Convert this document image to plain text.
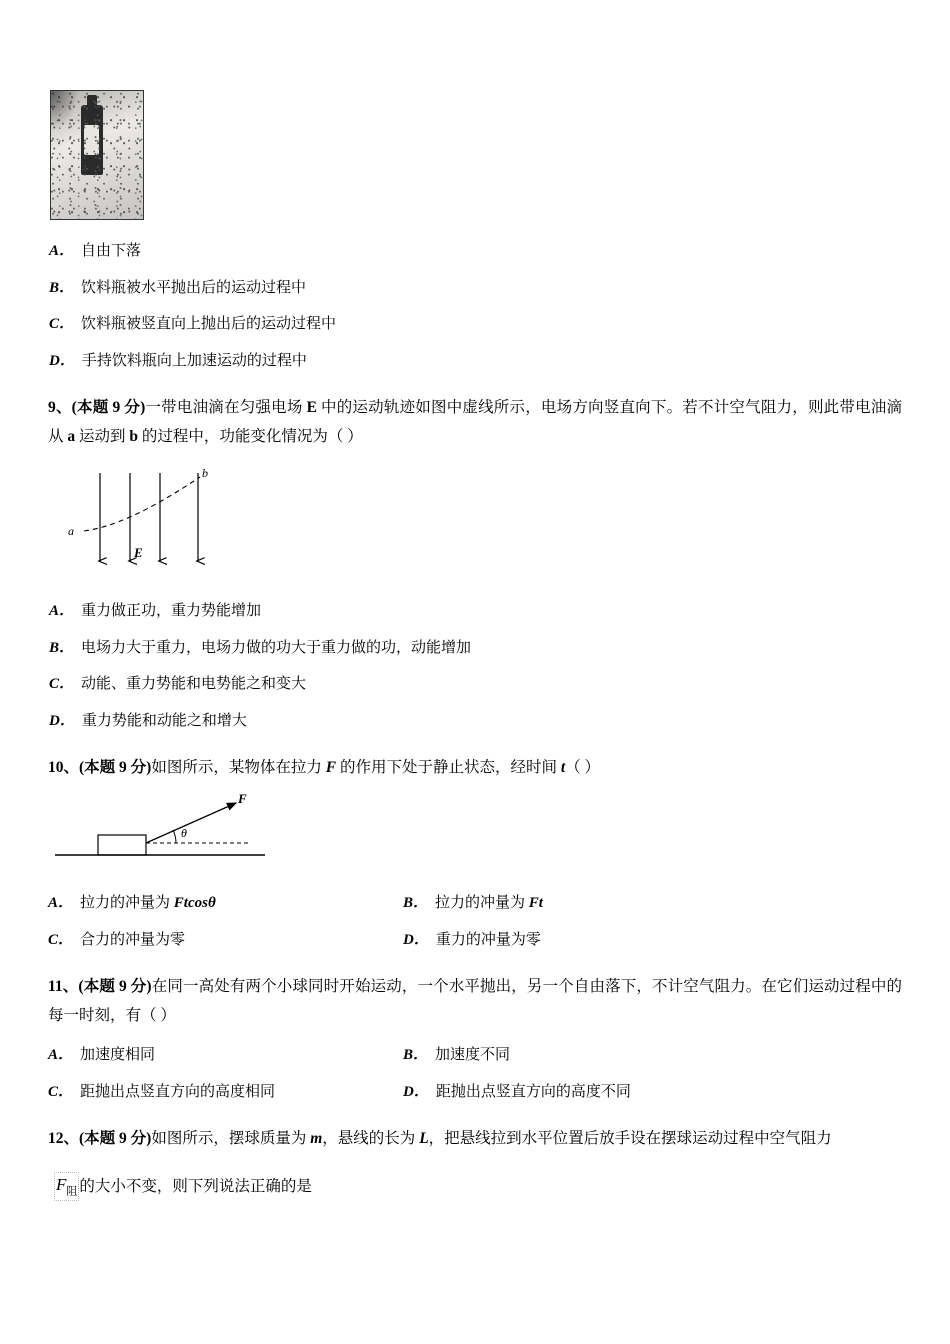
A． 自由下落
B． 饮料瓶被水平抛出后的运动过程中
C． 饮料瓶被竖直向上抛出后的运动过程中
D． 手持饮料瓶向上加速运动的过程中
9、(本题 9 分)一带电油滴在匀强电场 E 中的运动轨迹如图中虚线所示，电场方向竖直向下。若不计空气阻力，则此带电油滴从 a 运动到 b 的过程中，功能变化情况为（ ）
a
b
E
A． 重力做正功，重力势能增加
B． 电场力大于重力，电场力做的功大于重力做的功，动能增加
C． 动能、重力势能和电势能之和变大
D． 重力势能和动能之和增大
10、(本题 9 分)如图所示，某物体在拉力 F 的作用下处于静止状态，经时间 t（ ）
F
θ
A． 拉力的冲量为 Ftcosθ	B． 拉力的冲量为 Ft
C． 合力的冲量为零	D． 重力的冲量为零
11、(本题 9 分)在同一高处有两个小球同时开始运动，一个水平抛出，另一个自由落下，不计空气阻力。在它们运动过程中的每一时刻，有（ ）
A． 加速度相同	B． 加速度不同
C． 距抛出点竖直方向的高度相同	D． 距抛出点竖直方向的高度不同
12、(本题 9 分)如图所示，摆球质量为 m，悬线的长为 L，把悬线拉到水平位置后放手设在摆球运动过程中空气阻力
$F_阻$ 的大小不变，则下列说法正确的是
